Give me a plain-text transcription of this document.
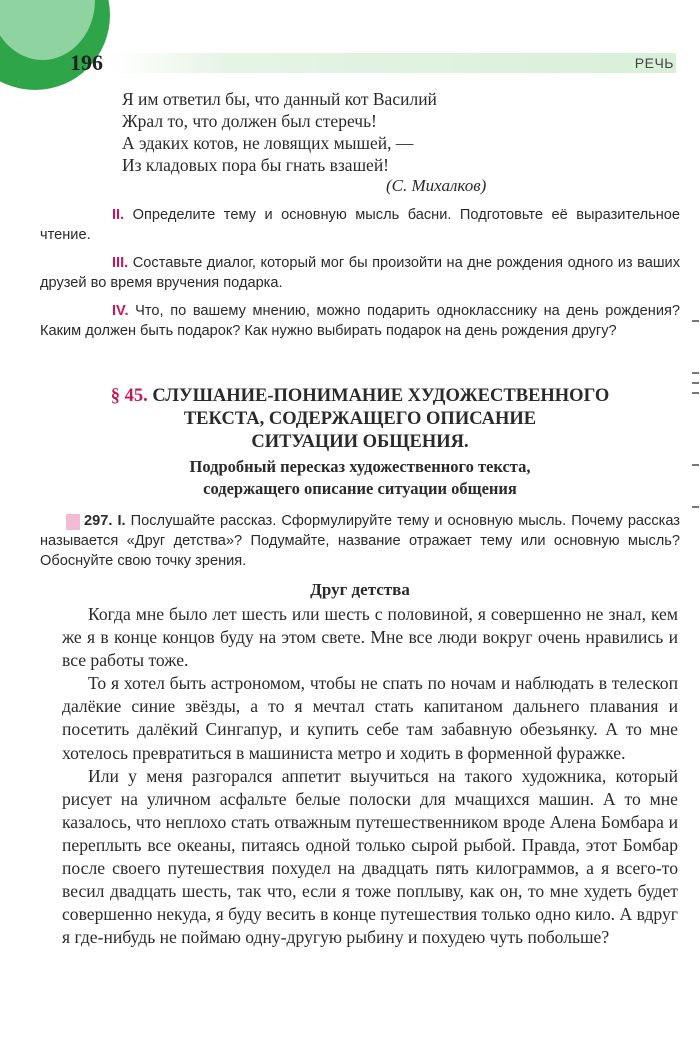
196	РЕЧЬ
Я им ответил бы, что данный кот Василий
Жрал то, что должен был стеречь!
А эдаких котов, не ловящих мышей, —
Из кладовых пора бы гнать взашей!
(С. Михалков)
II. Определите тему и основную мысль басни. Подготовьте её выразительное чтение.
III. Составьте диалог, который мог бы произойти на дне рождения одного из ваших друзей во время вручения подарка.
IV. Что, по вашему мнению, можно подарить однокласснику на день рождения? Каким должен быть подарок? Как нужно выбирать подарок на день рождения другу?
§ 45. СЛУШАНИЕ-ПОНИМАНИЕ ХУДОЖЕСТВЕННОГО
ТЕКСТА, СОДЕРЖАЩЕГО ОПИСАНИЕ
СИТУАЦИИ ОБЩЕНИЯ.
Подробный пересказ художественного текста,
содержащего описание ситуации общения
297. I. Послушайте рассказ. Сформулируйте тему и основную мысль. Почему рассказ называется «Друг детства»? Подумайте, название отражает тему или основную мысль? Обоснуйте свою точку зрения.
Друг детства

Когда мне было лет шесть или шесть с половиной, я совершенно не знал, кем же я в конце концов буду на этом свете. Мне все люди вокруг очень нравились и все работы тоже.

То я хотел быть астрономом, чтобы не спать по ночам и наблюдать в телескоп далёкие синие звёзды, а то я мечтал стать капитаном дальнего плавания и посетить далёкий Сингапур, и купить себе там забавную обезьянку. А то мне хотелось превратиться в машиниста метро и ходить в форменной фуражке.

Или у меня разгорался аппетит выучиться на такого художника, который рисует на уличном асфальте белые полоски для мчащихся машин. А то мне казалось, что неплохо стать отважным путешественником вроде Алена Бомбара и переплыть все океаны, питаясь одной только сырой рыбой. Правда, этот Бомбар после своего путешествия похудел на двадцать пять килограммов, а я всего-то весил двадцать шесть, так что, если я тоже поплыву, как он, то мне худеть будет совершенно некуда, я буду весить в конце путешествия только одно кило. А вдруг я где-нибудь не поймаю одну-другую рыбину и похудею чуть побольше?
